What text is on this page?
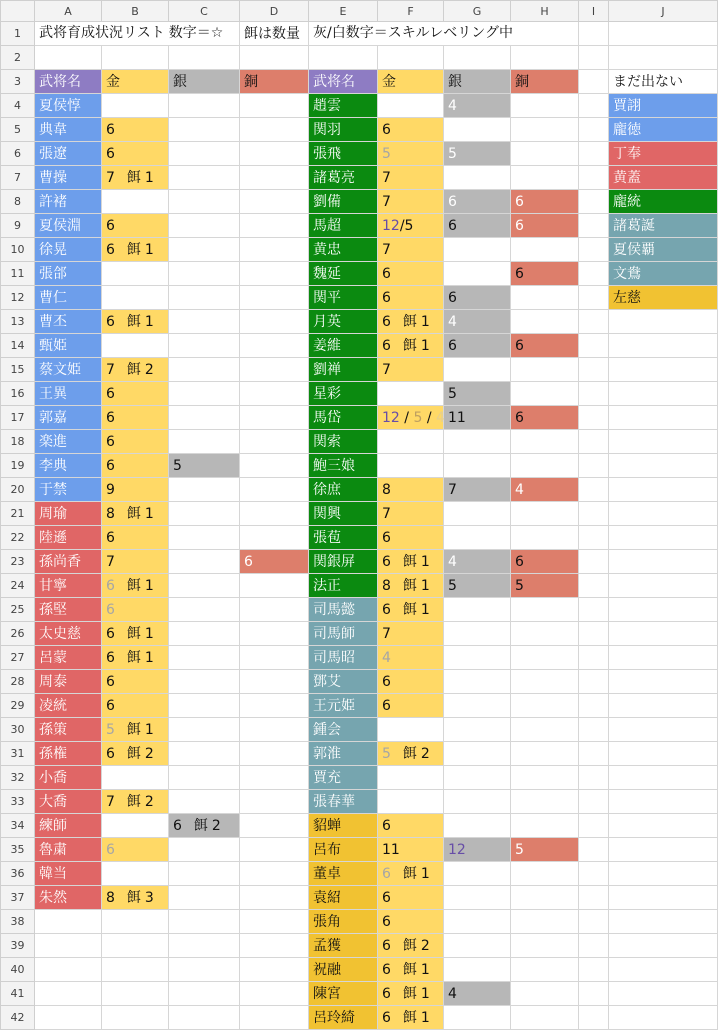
	A	B	C	D	E	F	G	H	I	J
1	武将育成状況リスト 数字＝☆			餌は数量	灰/白数字＝スキルレベリング中					

2										
3	武将名	金	銀	銅	武将名	金	銀	銅		まだ出ない
4	夏侯惇				趙雲		4			賈詡
5	典韋	6			関羽	6				龐徳
6	張遼	6			張飛	5	5			丁奉
7	曹操	7 餌 1			諸葛亮	7				黄蓋
8	許褚				劉備	7	6	6		龐統
9	夏侯淵	6			馬超	12/5	6	6		諸葛誕
10	徐晃	6 餌 1			黄忠	7				夏侯覇
11	張郃				魏延	6		6		文鴦
12	曹仁				関平	6	6			左慈
13	曹丕	6 餌 1			月英	6 餌 1	4			
14	甄姫				姜維	6 餌 1	6	6		
15	蔡文姫	7 餌 2			劉禅	7				
16	王異	6			星彩		5			
17	郭嘉	6			馬岱	12 / 5 / 4	11	6		
18	楽進	6			関索					
19	李典	6	5		鮑三娘					
20	于禁	9			徐庶	8	7	4		
21	周瑜	8 餌 1			関興	7				
22	陸遜	6			張苞	6				
23	孫尚香	7		6	関銀屏	6 餌 1	4	6		
24	甘寧	6 餌 1			法正	8 餌 1	5	5		
25	孫堅	6			司馬懿	6 餌 1				
26	太史慈	6 餌 1			司馬師	7				
27	呂蒙	6 餌 1			司馬昭	4				
28	周泰	6			鄧艾	6				
29	凌統	6			王元姫	6				
30	孫策	5 餌 1			鍾会					
31	孫権	6 餌 2			郭淮	5 餌 2				
32	小喬				賈充					
33	大喬	7 餌 2			張春華					
34	練師		6 餌 2		貂蝉	6				
35	魯粛	6			呂布	11	12	5		
36	韓当				董卓	6 餌 1				
37	朱然	8 餌 3			袁紹	6				
38					張角	6				
39					孟獲	6 餌 2				
40					祝融	6 餌 1				
41					陳宮	6 餌 1	4			
42					呂玲綺	6 餌 1				
